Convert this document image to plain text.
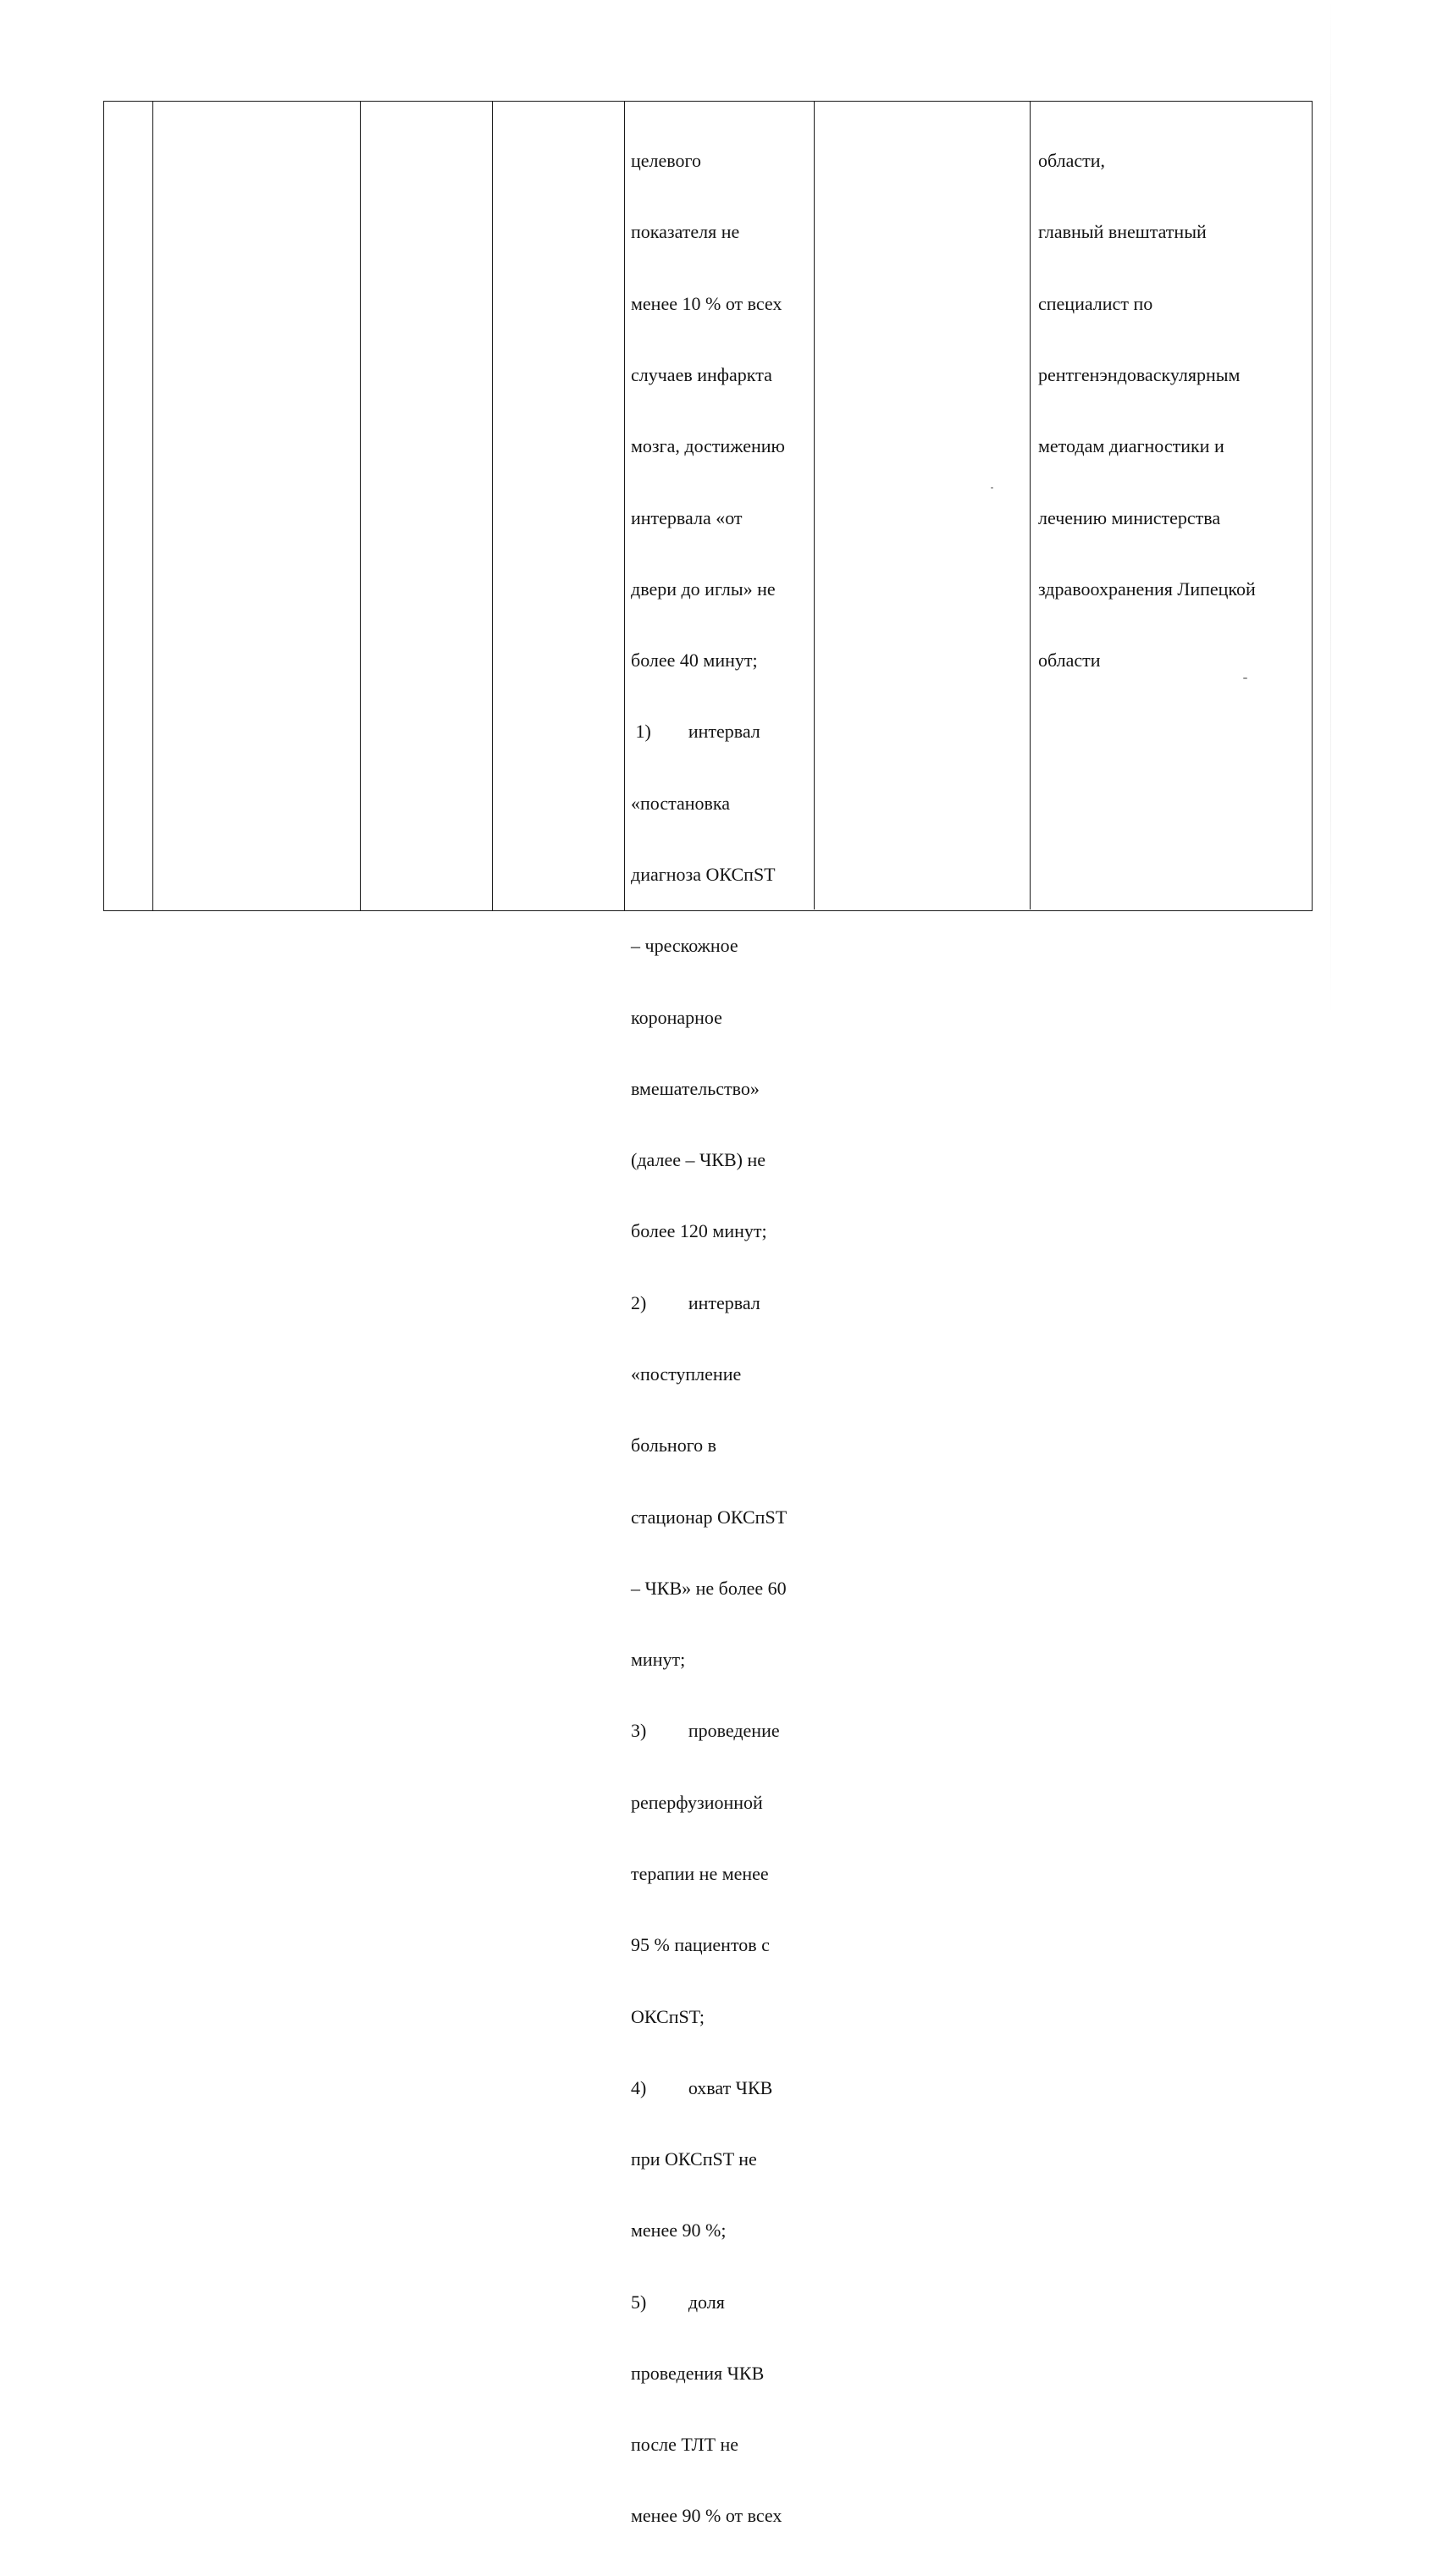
целевого

показателя не

менее 10 % от всех

случаев инфаркта

мозга, достижению

интервала «от

двери до иглы» не

более 40 минут;

1)        интервал

«постановка

диагноза ОКСпST

– чрескожное

коронарное

вмешательство»

(далее – ЧКВ) не

более 120 минут;

2)         интервал

«поступление

больного в

стационар ОКСпST

– ЧКВ» не более 60

минут;

3)         проведение

реперфузионной

терапии не менее

95 % пациентов с

ОКСпST;

4)         охват ЧКВ

при ОКСпST не

менее 90 %;

5)         доля

проведения ЧКВ

после ТЛТ не

менее 90 % от всех

области,

главный внештатный

специалист по

рентгенэндоваскулярным

методам диагностики и

лечению министерства

здравоохранения Липецкой

области
